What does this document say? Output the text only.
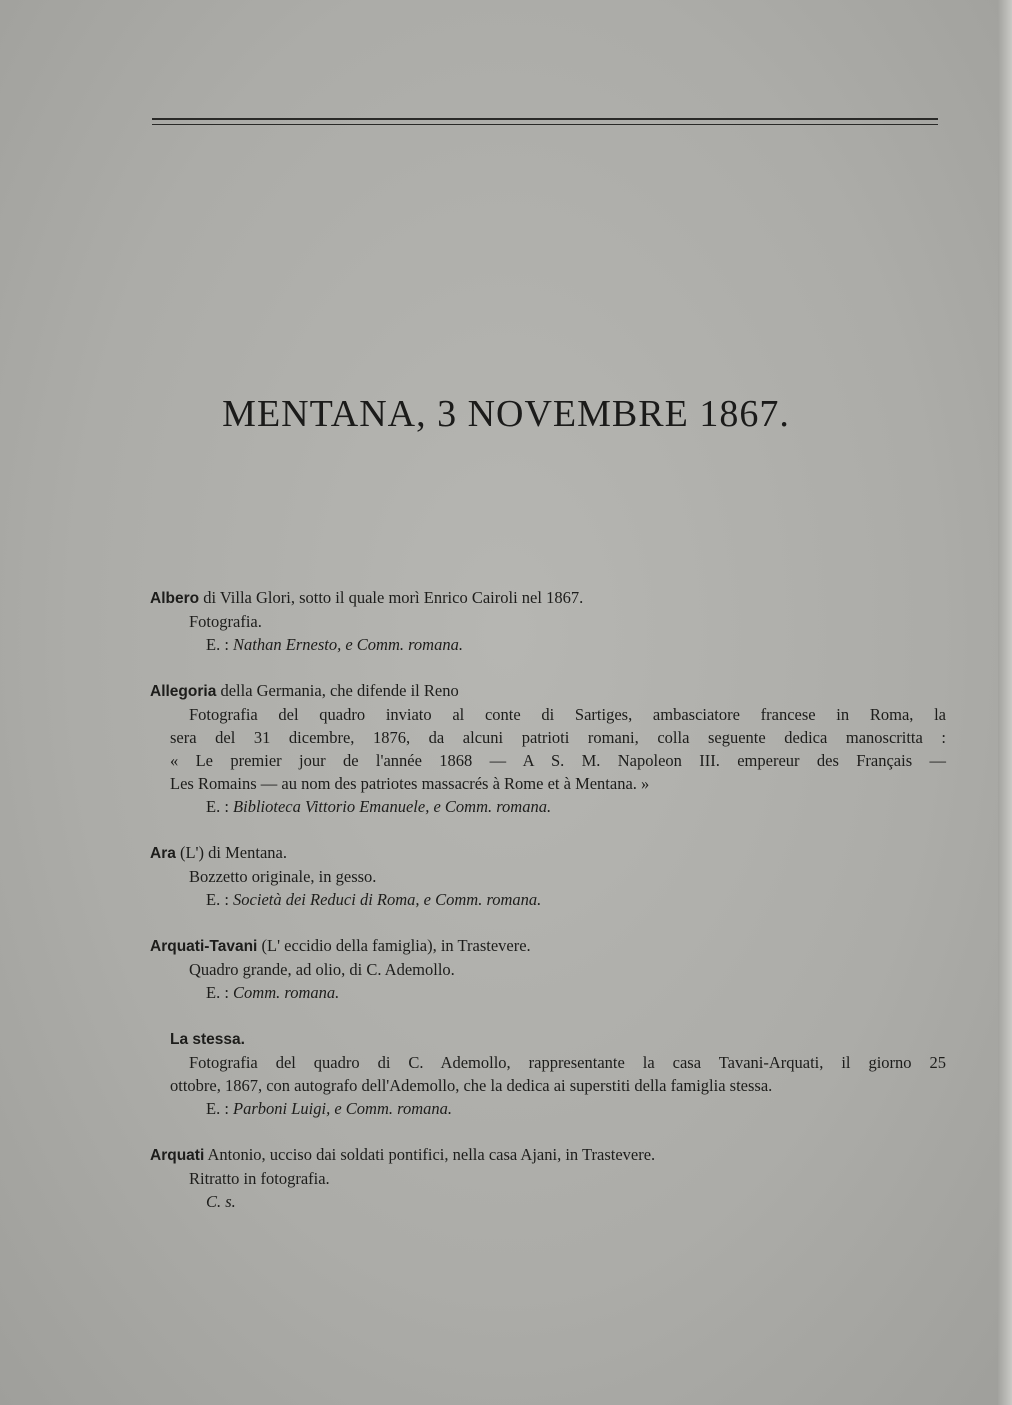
MENTANA, 3 NOVEMBRE 1867.

Albero di Villa Glori, sotto il quale morì Enrico Cairoli nel 1867.

Fotografia.

E. : Nathan Ernesto, e Comm. romana.

Allegoria della Germania, che difende il Reno

Fotografia del quadro inviato al conte di Sartiges, ambasciatore francese in Roma, la

sera del 31 dicembre, 1876, da alcuni patrioti romani, colla seguente dedica manoscritta :

« Le premier jour de l'année 1868 — A S. M. Napoleon III. empereur des Français —

Les Romains — au nom des patriotes massacrés à Rome et à Mentana. »

E. : Biblioteca Vittorio Emanuele, e Comm. romana.

Ara (L') di Mentana.

Bozzetto originale, in gesso.

E. : Società dei Reduci di Roma, e Comm. romana.

Arquati-Tavani (L' eccidio della famiglia), in Trastevere.

Quadro grande, ad olio, di C. Ademollo.

E. : Comm. romana.

La stessa.

Fotografia del quadro di C. Ademollo, rappresentante la casa Tavani-Arquati, il giorno 25

ottobre, 1867, con autografo dell'Ademollo, che la dedica ai superstiti della famiglia stessa.

E. : Parboni Luigi, e Comm. romana.

Arquati Antonio, ucciso dai soldati pontifici, nella casa Ajani, in Trastevere.

Ritratto in fotografia.

C. s.
